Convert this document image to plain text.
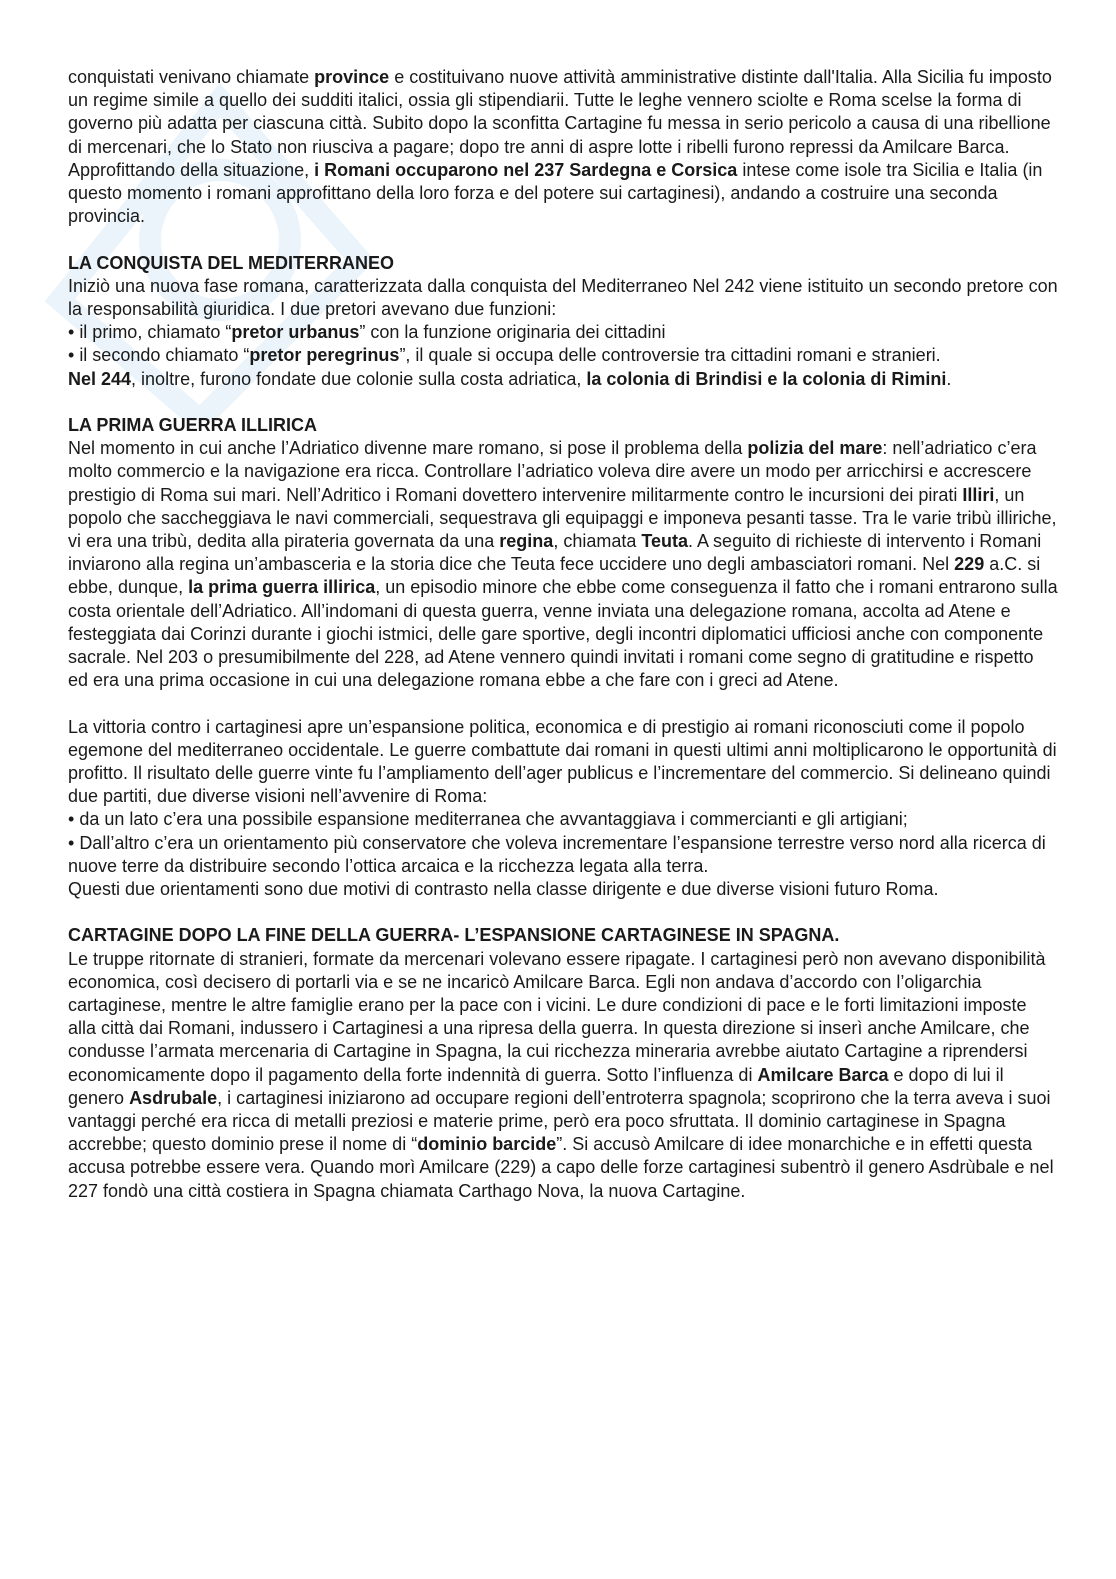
conquistati venivano chiamate province e costituivano nuove attività amministrative distinte dall'Italia. Alla Sicilia fu imposto un regime simile a quello dei sudditi italici, ossia gli stipendiarii. Tutte le leghe vennero sciolte e Roma scelse la forma di governo più adatta per ciascuna città. Subito dopo la sconfitta Cartagine fu messa in serio pericolo a causa di una ribellione di mercenari, che lo Stato non riusciva a pagare; dopo tre anni di aspre lotte i ribelli furono repressi da Amilcare Barca. Approfittando della situazione, i Romani occuparono nel 237 Sardegna e Corsica intese come isole tra Sicilia e Italia (in questo momento i romani approfittano della loro forza e del potere sui cartaginesi), andando a costruire una seconda provincia.

LA CONQUISTA DEL MEDITERRANEO

Iniziò una nuova fase romana, caratterizzata dalla conquista del Mediterraneo Nel 242 viene istituito un secondo pretore con la responsabilità giuridica. I due pretori avevano due funzioni:

• il primo, chiamato “pretor urbanus” con la funzione originaria dei cittadini

• il secondo chiamato “pretor peregrinus”, il quale si occupa delle controversie tra cittadini romani e stranieri.

Nel 244, inoltre, furono fondate due colonie sulla costa adriatica, la colonia di Brindisi e la colonia di Rimini.

LA PRIMA GUERRA ILLIRICA

Nel momento in cui anche l’Adriatico divenne mare romano, si pose il problema della polizia del mare: nell’adriatico c’era molto commercio e la navigazione era ricca. Controllare l’adriatico voleva dire avere un modo per arricchirsi e accrescere prestigio di Roma sui mari. Nell’Adritico i Romani dovettero intervenire militarmente contro le incursioni dei pirati Illiri, un popolo che saccheggiava le navi commerciali, sequestrava gli equipaggi e imponeva pesanti tasse. Tra le varie tribù illiriche, vi era una tribù, dedita alla pirateria governata da una regina, chiamata Teuta. A seguito di richieste di intervento i Romani inviarono alla regina un’ambasceria e la storia dice che Teuta fece uccidere uno degli ambasciatori romani. Nel 229 a.C. si ebbe, dunque, la prima guerra illirica, un episodio minore che ebbe come conseguenza il fatto che i romani entrarono sulla costa orientale dell’Adriatico. All’indomani di questa guerra, venne inviata una delegazione romana, accolta ad Atene e festeggiata dai Corinzi durante i giochi istmici, delle gare sportive, degli incontri diplomatici ufficiosi anche con componente sacrale. Nel 203 o presumibilmente del 228, ad Atene vennero quindi invitati i romani come segno di gratitudine e rispetto ed era una prima occasione in cui una delegazione romana ebbe a che fare con i greci ad Atene.

La vittoria contro i cartaginesi apre un’espansione politica, economica e di prestigio ai romani riconosciuti come il popolo egemone del mediterraneo occidentale. Le guerre combattute dai romani in questi ultimi anni moltiplicarono le opportunità di profitto. Il risultato delle guerre vinte fu l’ampliamento dell’ager publicus e l’incrementare del commercio. Si delineano quindi due partiti, due diverse visioni nell’avvenire di Roma:

• da un lato c’era una possibile espansione mediterranea che avvantaggiava i commercianti e gli artigiani;

• Dall’altro c’era un orientamento più conservatore che voleva incrementare l’espansione terrestre verso nord alla ricerca di nuove terre da distribuire secondo l’ottica arcaica e la ricchezza legata alla terra.

Questi due orientamenti sono due motivi di contrasto nella classe dirigente e due diverse visioni futuro Roma.

CARTAGINE DOPO LA FINE DELLA GUERRA- L’ESPANSIONE CARTAGINESE IN SPAGNA.

Le truppe ritornate di stranieri, formate da mercenari volevano essere ripagate. I cartaginesi però non avevano disponibilità economica, così decisero di portarli via e se ne incaricò Amilcare Barca. Egli non andava d’accordo con l’oligarchia cartaginese, mentre le altre famiglie erano per la pace con i vicini. Le dure condizioni di pace e le forti limitazioni imposte alla città dai Romani, indussero i Cartaginesi a una ripresa della guerra. In questa direzione si inserì anche Amilcare, che condusse l’armata mercenaria di Cartagine in Spagna, la cui ricchezza mineraria avrebbe aiutato Cartagine a riprendersi economicamente dopo il pagamento della forte indennità di guerra. Sotto l’influenza di Amilcare Barca e dopo di lui il genero Asdrubale, i cartaginesi iniziarono ad occupare regioni dell’entroterra spagnola; scoprirono che la terra aveva i suoi vantaggi perché era ricca di metalli preziosi e materie prime, però era poco sfruttata. Il dominio cartaginese in Spagna accrebbe; questo dominio prese il nome di “dominio barcide”. Si accusò Amilcare di idee monarchiche e in effetti questa accusa potrebbe essere vera. Quando morì Amilcare (229) a capo delle forze cartaginesi subentrò il genero Asdrùbale e nel 227 fondò una città costiera in Spagna chiamata Carthago Nova, la nuova Cartagine.
